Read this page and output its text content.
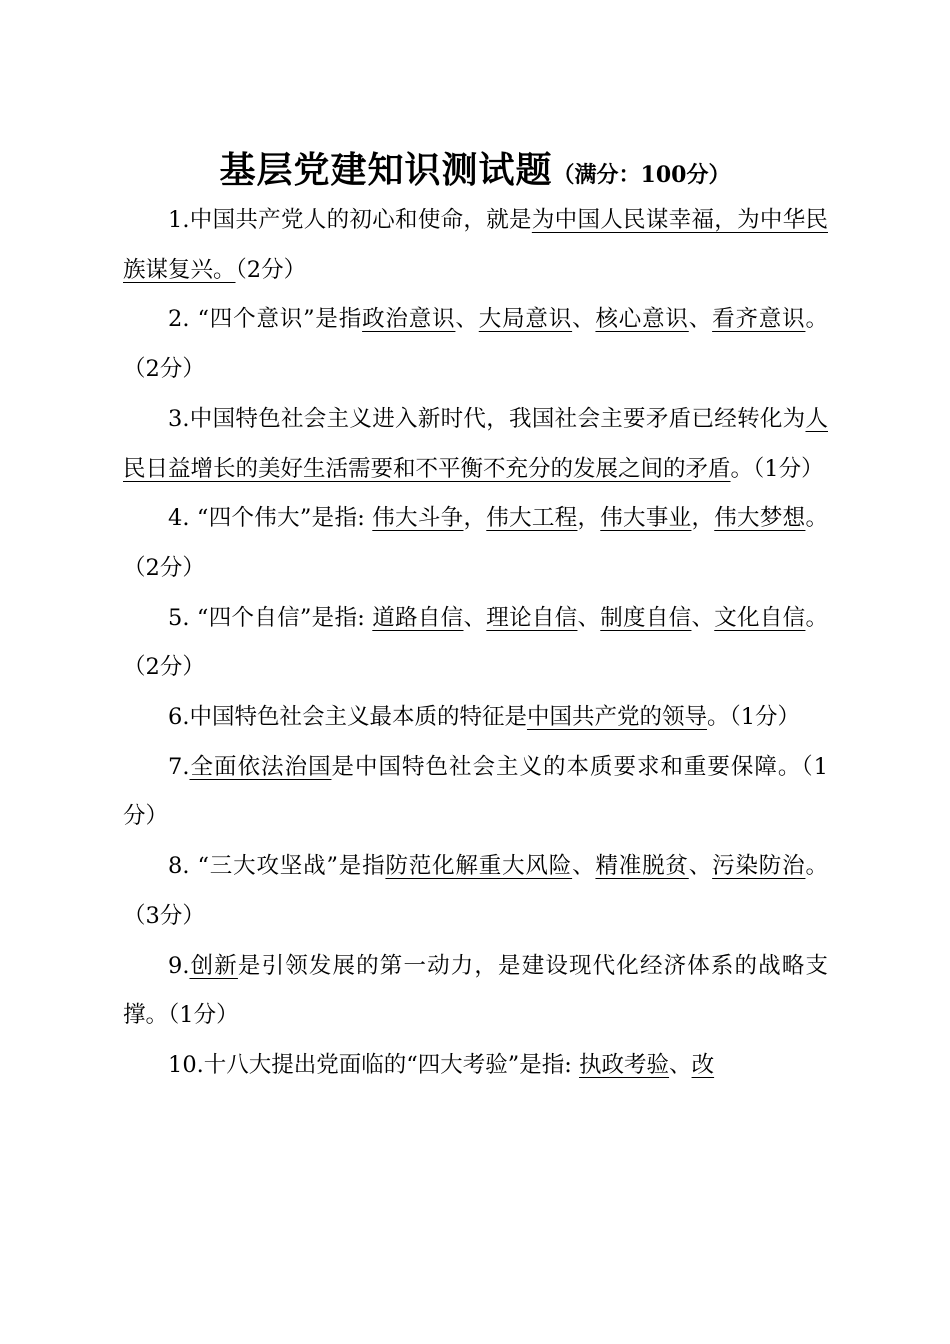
基层党建知识测试题（满分：100分）

1.中国共产党人的初心和使命，就是为中国人民谋幸福，为中华民族谋复兴。（2分）

2. “四个意识”是指政治意识、大局意识、核心意识、看齐意识。（2分）

3.中国特色社会主义进入新时代，我国社会主要矛盾已经转化为人民日益增长的美好生活需要和不平衡不充分的发展之间的矛盾。（1分）

4. “四个伟大”是指: 伟大斗争，伟大工程，伟大事业，伟大梦想。（2分）

5. “四个自信”是指: 道路自信、理论自信、制度自信、文化自信。（2分）

6.中国特色社会主义最本质的特征是中国共产党的领导。（1分）

7.全面依法治国是中国特色社会主义的本质要求和重要保障。（1分）

8. “三大攻坚战”是指防范化解重大风险、精准脱贫、污染防治。（3分）

9.创新是引领发展的第一动力，是建设现代化经济体系的战略支撑。（1分）

10.十八大提出党面临的“四大考验”是指: 执政考验、改
